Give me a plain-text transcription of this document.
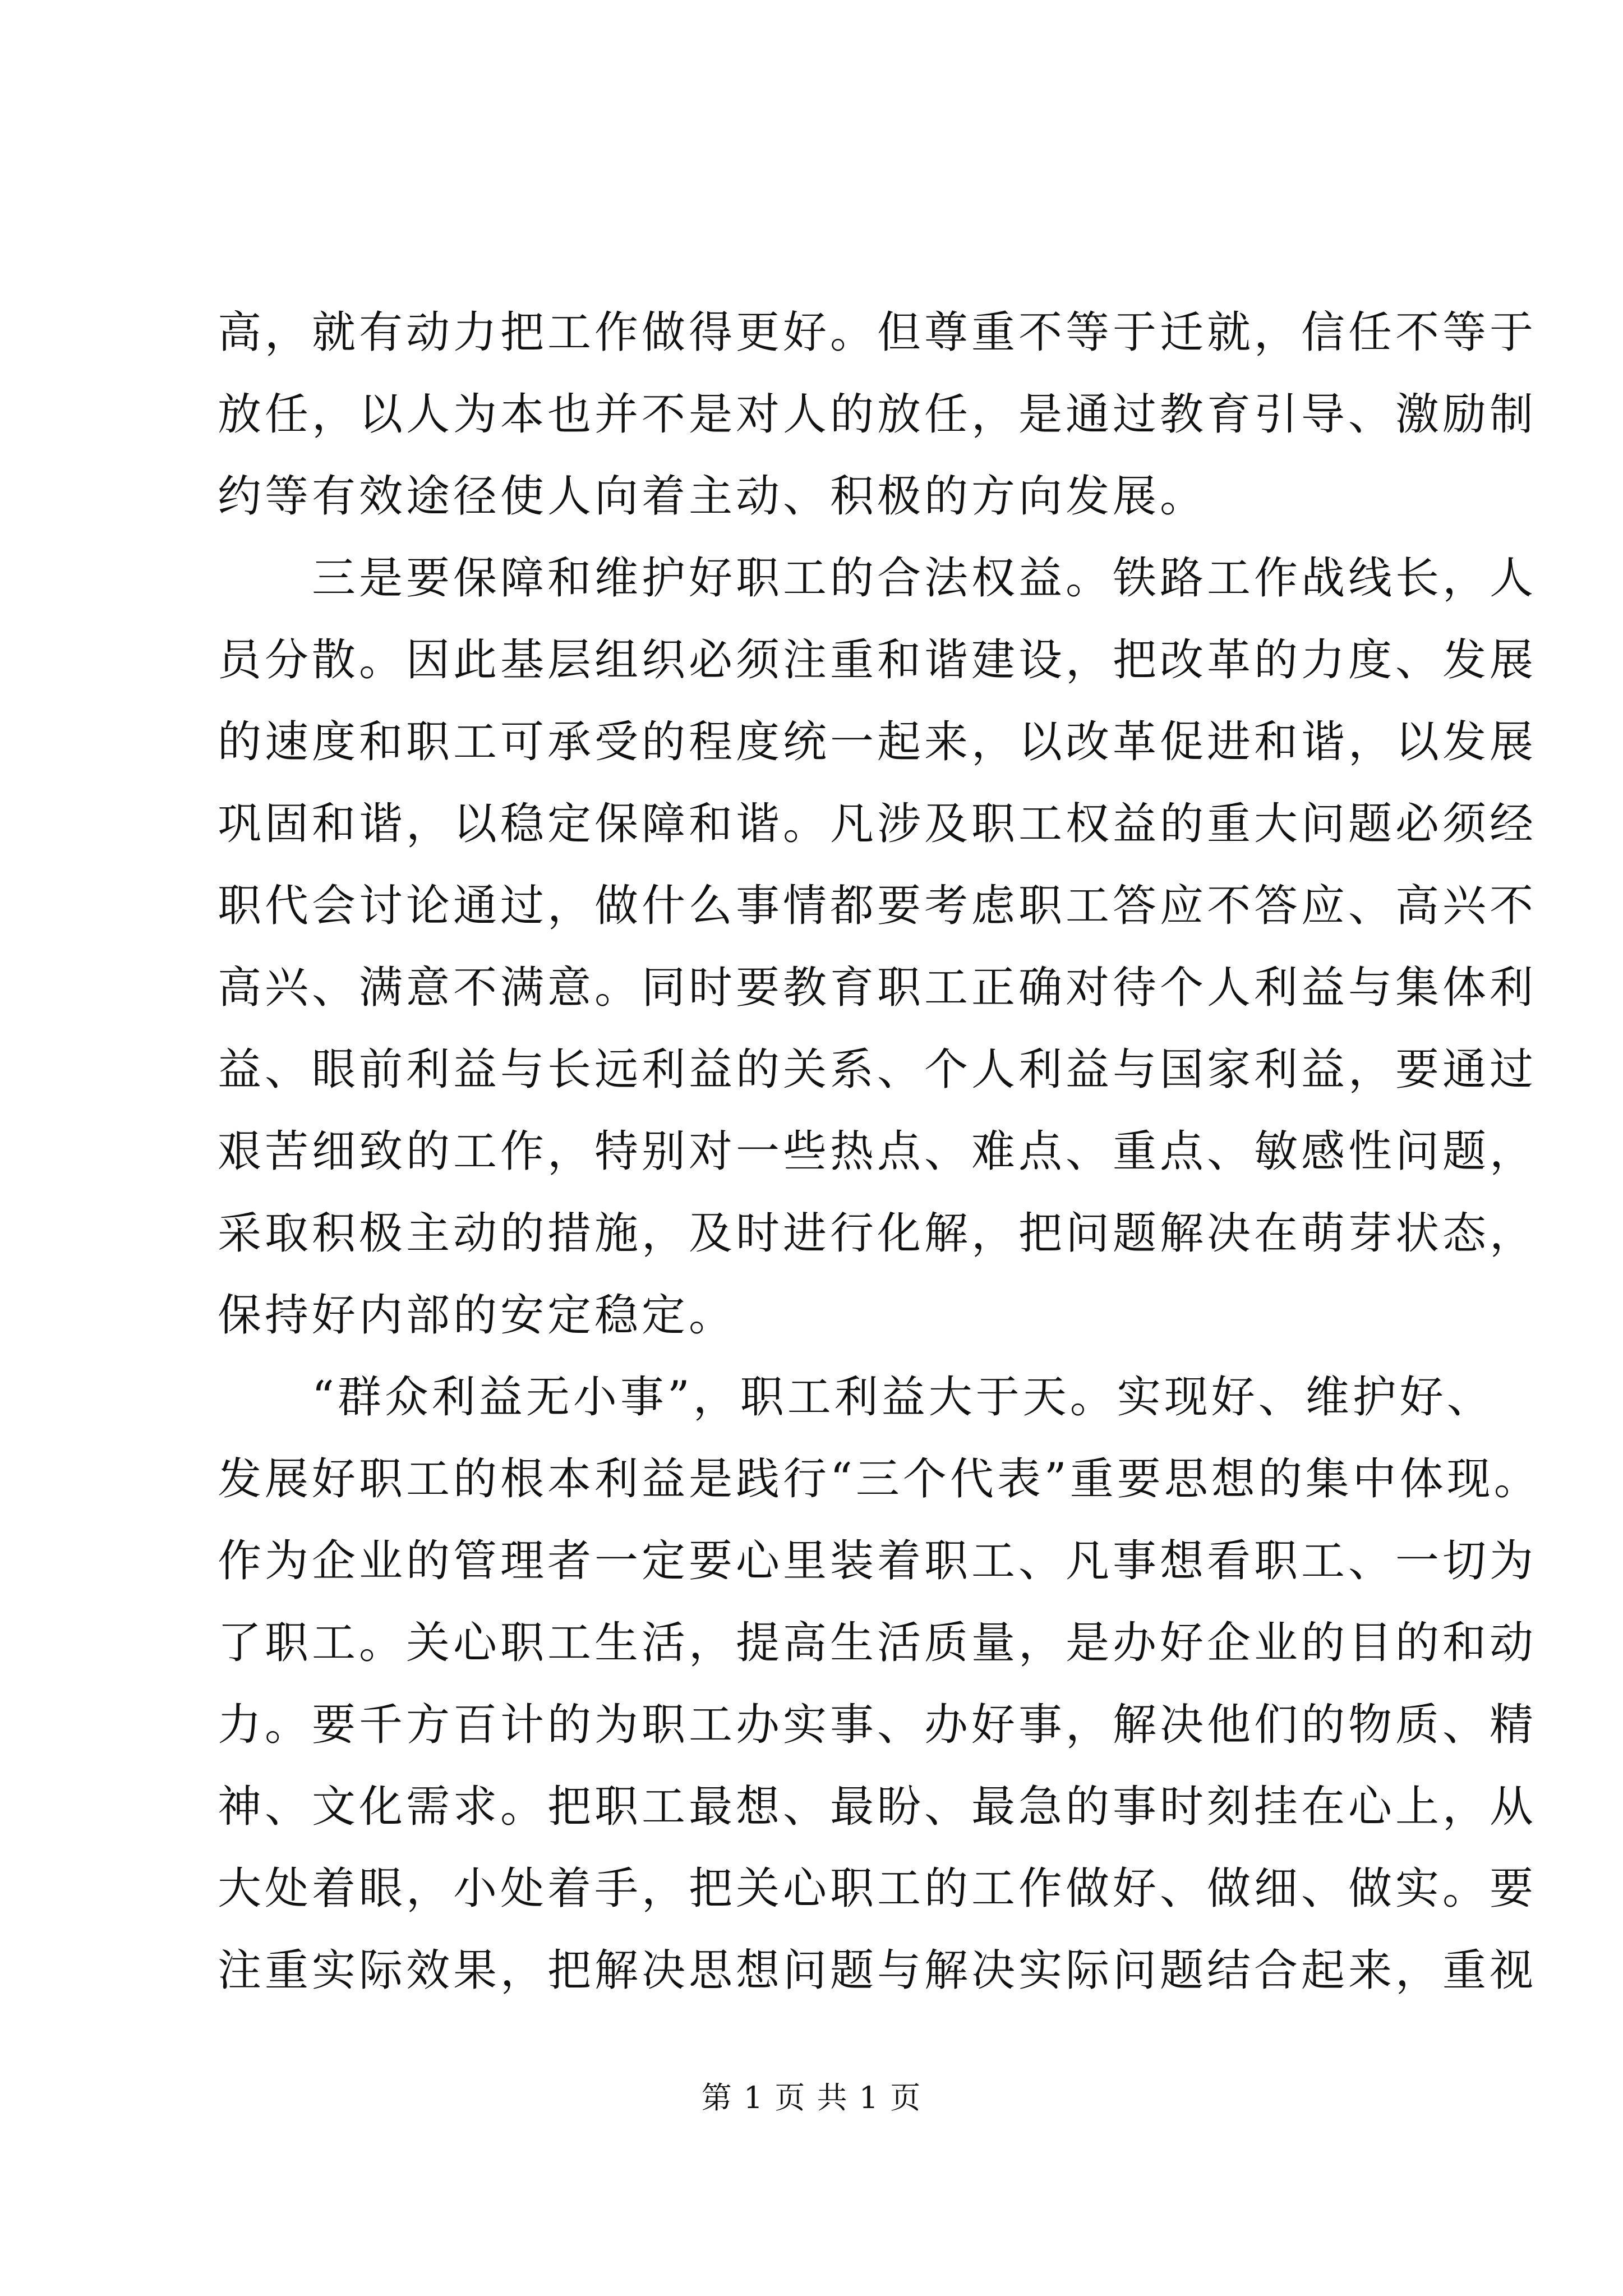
高，就有动力把工作做得更好。但尊重不等于迁就，信任不等于
放任，以人为本也并不是对人的放任，是通过教育引导、激励制
约等有效途径使人向着主动、积极的方向发展。
　　三是要保障和维护好职工的合法权益。铁路工作战线长，人
员分散。因此基层组织必须注重和谐建设，把改革的力度、发展
的速度和职工可承受的程度统一起来，以改革促进和谐，以发展
巩固和谐，以稳定保障和谐。凡涉及职工权益的重大问题必须经
职代会讨论通过，做什么事情都要考虑职工答应不答应、高兴不
高兴、满意不满意。同时要教育职工正确对待个人利益与集体利
益、眼前利益与长远利益的关系、个人利益与国家利益，要通过
艰苦细致的工作，特别对一些热点、难点、重点、敏感性问题，
采取积极主动的措施，及时进行化解，把问题解决在萌芽状态，
保持好内部的安定稳定。
　　“群众利益无小事”，职工利益大于天。实现好、维护好、
发展好职工的根本利益是践行“三个代表”重要思想的集中体现。
作为企业的管理者一定要心里装着职工、凡事想看职工、一切为
了职工。关心职工生活，提高生活质量，是办好企业的目的和动
力。要千方百计的为职工办实事、办好事，解决他们的物质、精
神、文化需求。把职工最想、最盼、最急的事时刻挂在心上，从
大处着眼，小处着手，把关心职工的工作做好、做细、做实。要
注重实际效果，把解决思想问题与解决实际问题结合起来，重视
第 1 页 共 1 页
